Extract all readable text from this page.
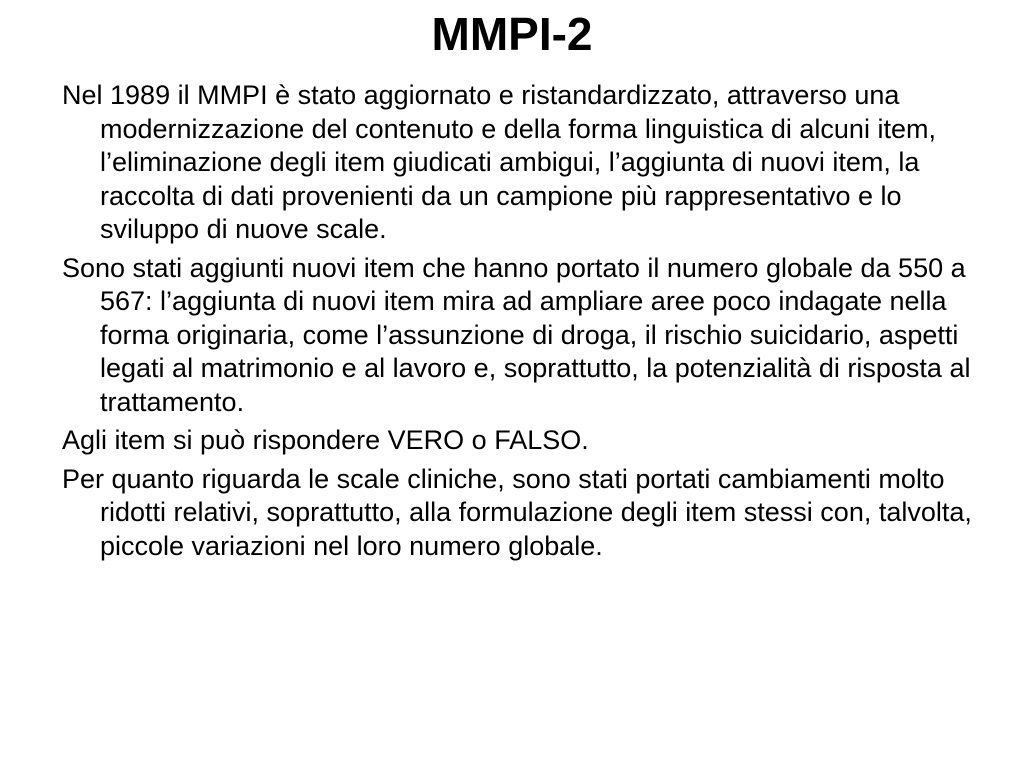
MMPI-2
Nel 1989 il MMPI è stato aggiornato e ristandardizzato, attraverso una modernizzazione del contenuto e della forma linguistica di alcuni item, l’eliminazione degli item giudicati ambigui, l’aggiunta di nuovi item, la raccolta di dati provenienti da un campione più rappresentativo e lo sviluppo di nuove scale.
Sono stati aggiunti nuovi item che hanno portato il numero globale da 550 a 567: l’aggiunta di nuovi item mira ad ampliare aree poco indagate nella forma originaria, come l’assunzione di droga, il rischio suicidario, aspetti legati al matrimonio e al lavoro e, soprattutto, la potenzialità di risposta al trattamento.
Agli item si può rispondere VERO o FALSO.
Per quanto riguarda le scale cliniche, sono stati portati cambiamenti molto ridotti relativi, soprattutto, alla formulazione degli item stessi con, talvolta, piccole variazioni nel loro numero globale.
